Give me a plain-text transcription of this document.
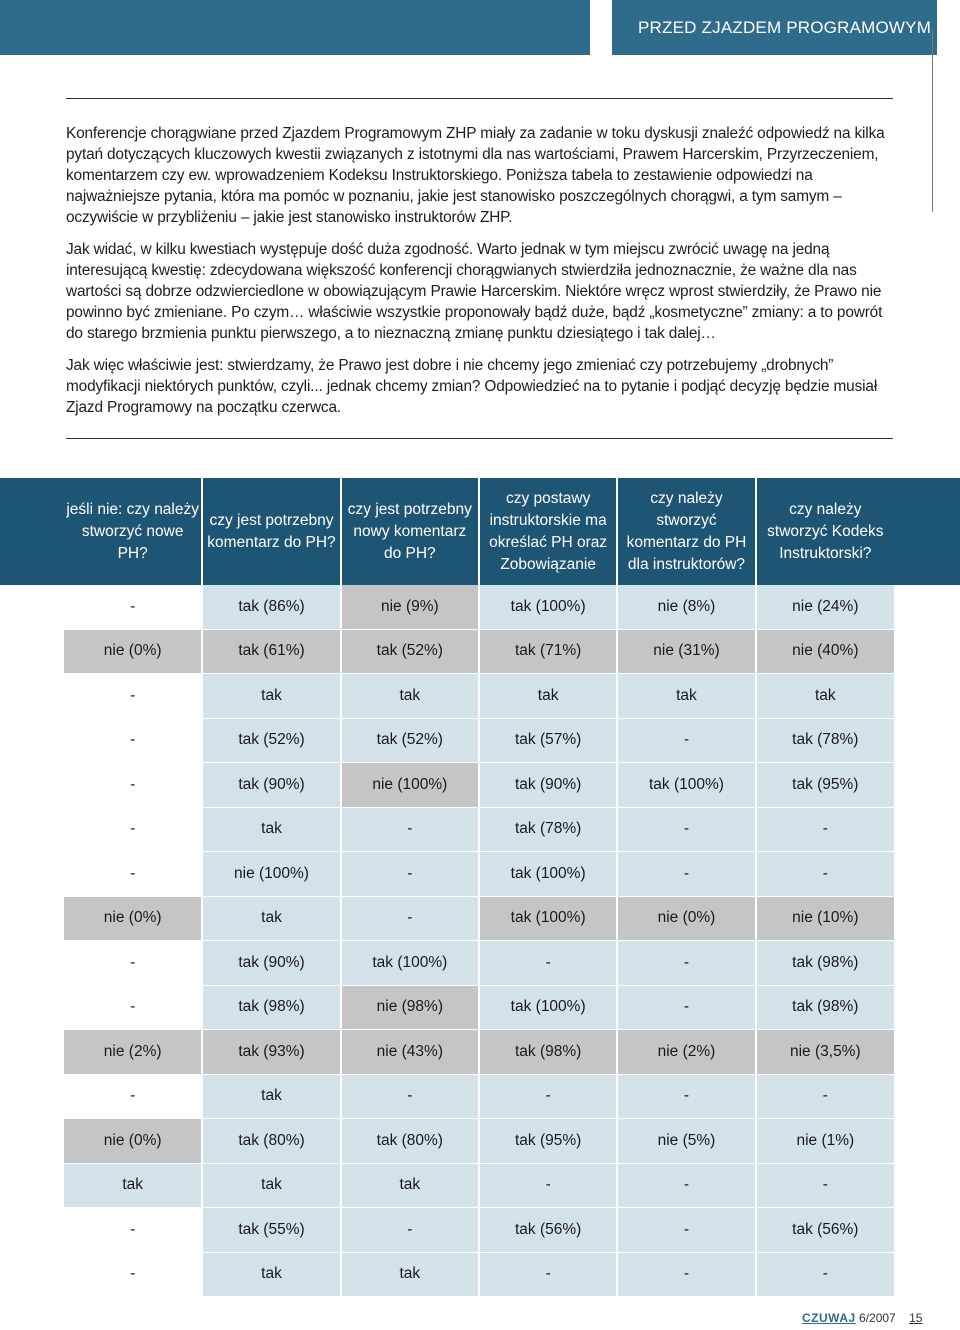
PRZED ZJAZDEM PROGRAMOWYM

Konferencje chorągwiane przed Zjazdem Programowym ZHP miały za zadanie w toku dyskusji znaleźć odpowiedź na kilka pytań dotyczących kluczowych kwestii związanych z istotnymi dla nas wartościami, Prawem Harcerskim, Przyrzeczeniem, komentarzem czy ew. wprowadzeniem Kodeksu Instruktorskiego. Poniższa tabela to zestawienie odpowiedzi na najważniejsze pytania, która ma pomóc w poznaniu, jakie jest stanowisko poszczególnych chorągwi, a tym samym – oczywiście w przybliżeniu – jakie jest stanowisko instruktorów ZHP.

Jak widać, w kilku kwestiach występuje dość duża zgodność. Warto jednak w tym miejscu zwrócić uwagę na jedną interesującą kwestię: zdecydowana większość konferencji chorągwianych stwierdziła jednoznacznie, że ważne dla nas wartości są dobrze odzwierciedlone w obowiązującym Prawie Harcerskim. Niektóre wręcz wprost stwierdziły, że Prawo nie powinno być zmieniane. Po czym… właściwie wszystkie proponowały bądź duże, bądź „kosmetyczne” zmiany: a to powrót do starego brzmienia punktu pierwszego, a to nieznaczną zmianę punktu dziesiątego i tak dalej…

Jak więc właściwie jest: stwierdzamy, że Prawo jest dobre i nie chcemy jego zmieniać czy potrzebujemy „drobnych” modyfikacji niektórych punktów, czyli... jednak chcemy zmian? Odpowiedzieć na to pytanie i podjąć decyzję będzie musiał Zjazd Programowy na początku czerwca.

jeśli nie: czy należy stworzyć nowe PH?	czy jest potrzebny komentarz do PH?	czy jest potrzebny nowy komentarz do PH?	czy postawy instruktorskie ma określać PH oraz Zobowiązanie	czy należy stworzyć komentarz do PH dla instruktorów?	czy należy stworzyć Kodeks Instruktorski?
-	tak (86%)	nie (9%)	tak (100%)	nie (8%)	nie (24%)
nie (0%)	tak (61%)	tak (52%)	tak (71%)	nie (31%)	nie (40%)
-	tak	tak	tak	tak	tak
-	tak (52%)	tak (52%)	tak (57%)	-	tak (78%)
-	tak (90%)	nie (100%)	tak (90%)	tak (100%)	tak (95%)
-	tak	-	tak (78%)	-	-
-	nie (100%)	-	tak (100%)	-	-
nie (0%)	tak	-	tak (100%)	nie (0%)	nie (10%)
-	tak (90%)	tak (100%)	-	-	tak (98%)
-	tak (98%)	nie (98%)	tak (100%)	-	tak (98%)
nie (2%)	tak (93%)	nie (43%)	tak (98%)	nie (2%)	nie (3,5%)
-	tak	-	-	-	-
nie (0%)	tak (80%)	tak (80%)	tak (95%)	nie (5%)	nie (1%)
tak	tak	tak	-	-	-
-	tak (55%)	-	tak (56%)	-	tak (56%)
-	tak	tak	-	-	-
CZUWAJ 6/2007 15
